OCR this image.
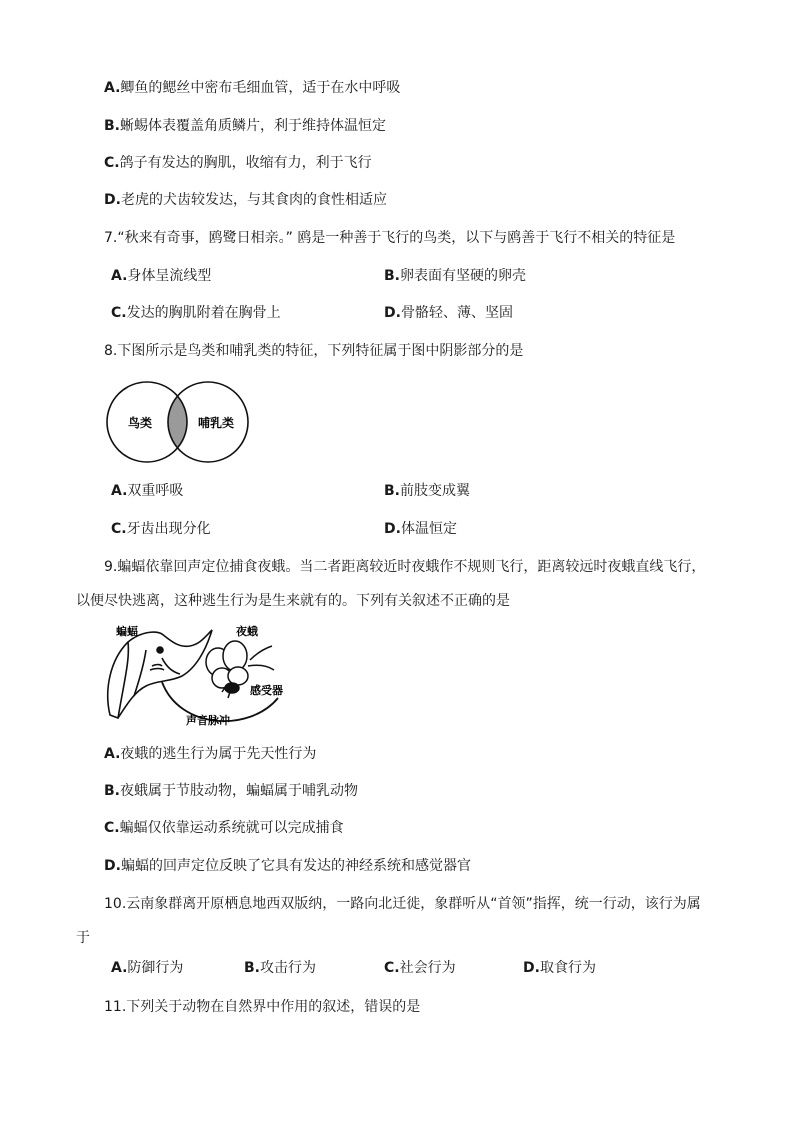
A.鲫鱼的鳃丝中密布毛细血管，适于在水中呼吸
B.蜥蜴体表覆盖角质鳞片，利于维持体温恒定
C.鸽子有发达的胸肌，收缩有力，利于飞行
D.老虎的犬齿较发达，与其食肉的食性相适应
7.“秋来有奇事，鸥鹭日相亲。” 鸥是一种善于飞行的鸟类，以下与鸥善于飞行不相关的特征是
A.身体呈流线型	B.卵表面有坚硬的卵壳
C.发达的胸肌附着在胸骨上	D.骨骼轻、薄、坚固
8.下图所示是鸟类和哺乳类的特征，下列特征属于图中阴影部分的是
鸟类	哺乳类
A.双重呼吸	B.前肢变成翼
C.牙齿出现分化	D.体温恒定
9.蝙蝠依靠回声定位捕食夜蛾。当二者距离较近时夜蛾作不规则飞行，距离较远时夜蛾直线飞行，
以便尽快逃离，这种逃生行为是生来就有的。下列有关叙述不正确的是
蝙蝠	夜蛾
感受器
声音脉冲
A.夜蛾的逃生行为属于先天性行为
B.夜蛾属于节肢动物，蝙蝠属于哺乳动物
C.蝙蝠仅依靠运动系统就可以完成捕食
D.蝙蝠的回声定位反映了它具有发达的神经系统和感觉器官
10.云南象群离开原栖息地西双版纳，一路向北迁徙，象群听从“首领”指挥，统一行动，该行为属
于
A.防御行为	B.攻击行为	C.社会行为	D.取食行为
11.下列关于动物在自然界中作用的叙述，错误的是
